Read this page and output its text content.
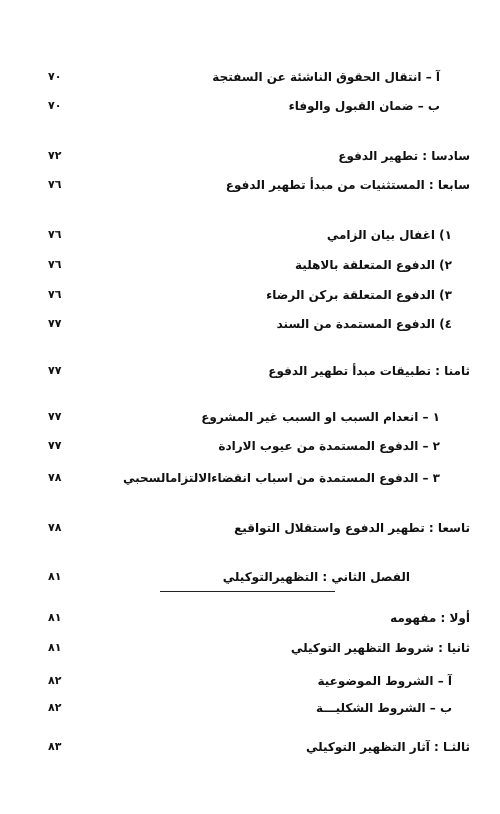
٧٠	آ – انتقال الحقوق الناشئة عن السفتجة
٧٠	ب – ضمان القبول والوفاء
٧٢	سادسا : تطهير الدفوع
٧٦	سابعا : المستثنيات من مبدأ تطهير الدفوع
٧٦	١) اغفال بيان الزامي
٧٦	٢) الدفوع المتعلقة بالاهلية
٧٦	٣) الدفوع المتعلقة بركن الرضاء
٧٧	٤) الدفوع المستمدة من السند
٧٧	ثامنا : تطبيقات مبدأ تطهير الدفوع
٧٧	١ – انعدام السبب او السبب غير المشروع
٧٧	٢ – الدفوع المستمدة من عيوب الارادة
٧٨	٣ – الدفوع المستمدة من اسباب انقضاءالالتزامالسحبي
٧٨	تاسعا : تطهير الدفوع واستقلال التواقيع
٨١	الفصل الثاني : التظهيرالتوكيلي
٨١	أولا : مفهومه
٨١	ثانيا : شروط التظهير التوكيلي
٨٢	آ – الشروط الموضوعية
٨٢	ب – الشروط الشكليـــة
٨٣	ثالثـا : آثار التظهير التوكيلي
